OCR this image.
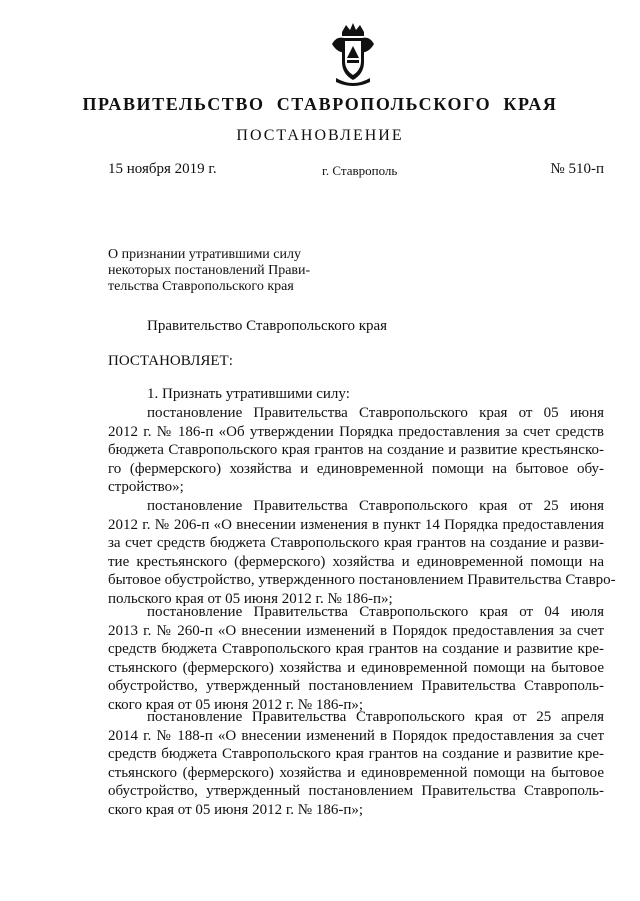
ПРАВИТЕЛЬСТВО СТАВРОПОЛЬСКОГО КРАЯ
ПОСТАНОВЛЕНИЕ
15 ноября 2019 г.	г. Ставрополь	№ 510-п
О признании утратившими силу
некоторых постановлений Прави-
тельства Ставропольского края
Правительство Ставропольского края
ПОСТАНОВЛЯЕТ:
1. Признать утратившими силу:
постановление Правительства Ставропольского края от 05 июня
2012 г. № 186-п «Об утверждении Порядка предоставления за счет средств
бюджета Ставропольского края грантов на создание и развитие крестьянско-
го (фермерского) хозяйства и единовременной помощи на бытовое обу-
стройство»;
постановление Правительства Ставропольского края от 25 июня
2012 г. № 206-п «О внесении изменения в пункт 14 Порядка предоставления
за счет средств бюджета Ставропольского края грантов на создание и разви-
тие крестьянского (фермерского) хозяйства и единовременной помощи на
бытовое обустройство, утвержденного постановлением Правительства Ставро-
польского края от 05 июня 2012 г. № 186-п»;
постановление Правительства Ставропольского края от 04 июля
2013 г. № 260-п «О внесении изменений в Порядок предоставления за счет
средств бюджета Ставропольского края грантов на создание и развитие кре-
стьянского (фермерского) хозяйства и единовременной помощи на бытовое
обустройство, утвержденный постановлением Правительства Ставрополь-
ского края от 05 июня 2012 г. № 186-п»;
постановление Правительства Ставропольского края от 25 апреля
2014 г. № 188-п «О внесении изменений в Порядок предоставления за счет
средств бюджета Ставропольского края грантов на создание и развитие кре-
стьянского (фермерского) хозяйства и единовременной помощи на бытовое
обустройство, утвержденный постановлением Правительства Ставрополь-
ского края от 05 июня 2012 г. № 186-п»;
